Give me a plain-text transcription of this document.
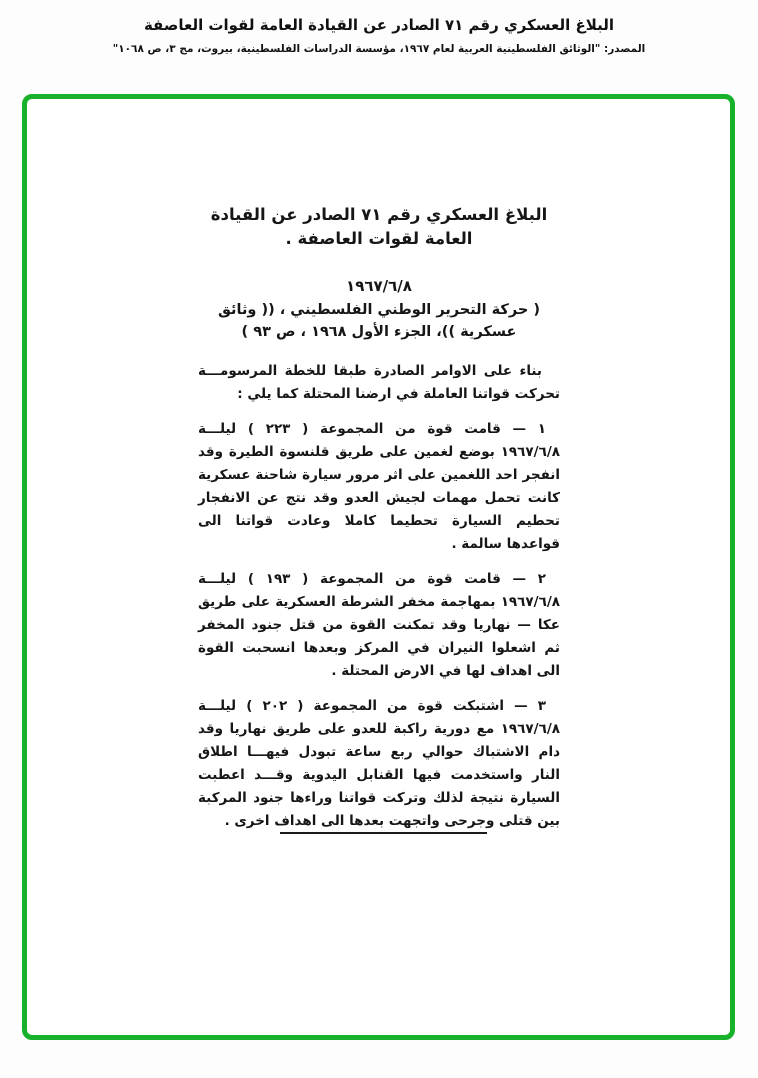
البلاغ العسكري رقم ٧١ الصادر عن القيادة العامة لقوات العاصفة
المصدر: "الوثائق الفلسطينية العربية لعام ١٩٦٧، مؤسسة الدراسات الفلسطينية، بيروت، مج ٣، ص ١٠٦٨"
البلاغ العسكري رقم ٧١ الصادر عن القيادة
العامة لقوات العاصفة .
١٩٦٧/٦/٨
( حركة التحرير الوطني الفلسطيني ، (( وثائق
عسكرية ))، الجزء الأول ١٩٦٨ ، ص ٩٣ )

بناء على الاوامر الصادرة طبقا للخطة المرسومـــة تحركت قواتنا العاملة في ارضنا المحتلة كما يلي :

١ — قامت قوة من المجموعة ( ٢٢٣ ) ليلـــة ١٩٦٧/٦/٨ بوضع لغمين على طريق قلنسوة الطيرة وقد انفجر احد اللغمين على اثر مرور سيارة شاحنة عسكرية كانت تحمل مهمات لجيش العدو وقد نتج عن الانفجار تحطيم السيارة تحطيما كاملا وعادت قواتنا الى قواعدها سالمة .

٢ — قامت قوة من المجموعة ( ١٩٣ ) ليلـــة ١٩٦٧/٦/٨ بمهاجمة مخفر الشرطة العسكرية على طريق عكا — نهاريا وقد تمكنت القوة من قتل جنود المخفر ثم اشعلوا النيران في المركز وبعدها انسحبت القوة الى اهداف لها في الارض المحتلة .

٣ — اشتبكت قوة من المجموعة ( ٢٠٢ ) ليلـــة ١٩٦٧/٦/٨ مع دورية راكبة للعدو على طريق نهاريا وقد دام الاشتباك حوالي ربع ساعة تبودل فيهـــا اطلاق النار واستخدمت فيها القنابل اليدوية وقـــد اعطبت السيارة نتيجة لذلك وتركت قواتنا وراءها جنود المركبة بين قتلى وجرحى واتجهت بعدها الى اهداف اخرى .
